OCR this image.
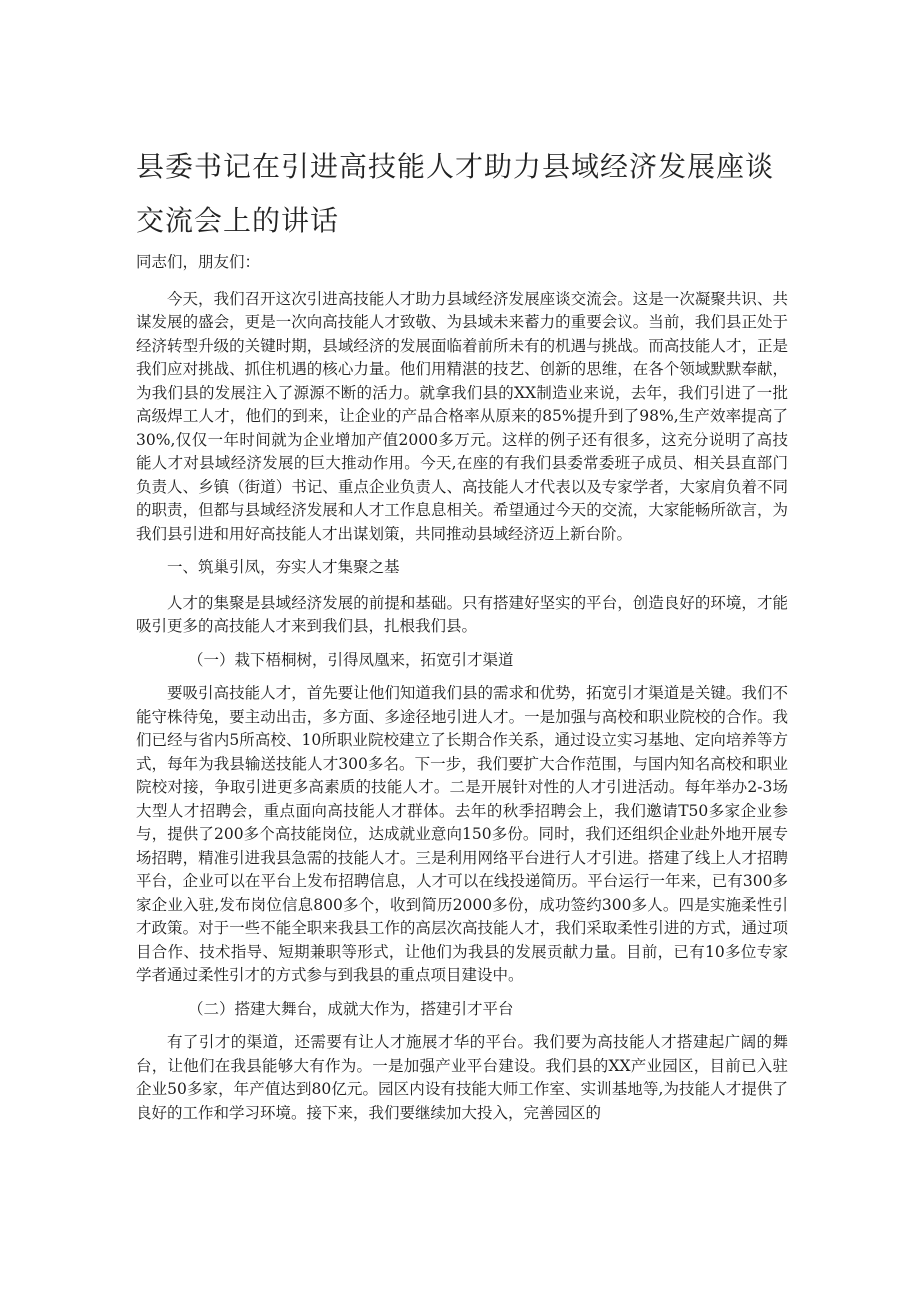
县委书记在引进高技能人才助力县域经济发展座谈交流会上的讲话

同志们，朋友们：

今天，我们召开这次引进高技能人才助力县域经济发展座谈交流会。这是一次凝聚共识、共谋发展的盛会，更是一次向高技能人才致敬、为县域未来蓄力的重要会议。当前，我们县正处于经济转型升级的关键时期，县域经济的发展面临着前所未有的机遇与挑战。而高技能人才，正是我们应对挑战、抓住机遇的核心力量。他们用精湛的技艺、创新的思维，在各个领域默默奉献，为我们县的发展注入了源源不断的活力。就拿我们县的XX制造业来说，去年，我们引进了一批高级焊工人才，他们的到来，让企业的产品合格率从原来的85%提升到了98%,生产效率提高了30%,仅仅一年时间就为企业增加产值2000多万元。这样的例子还有很多，这充分说明了高技能人才对县域经济发展的巨大推动作用。今天,在座的有我们县委常委班子成员、相关县直部门负责人、乡镇（街道）书记、重点企业负责人、高技能人才代表以及专家学者，大家肩负着不同的职责，但都与县域经济发展和人才工作息息相关。希望通过今天的交流，大家能畅所欲言，为我们县引进和用好高技能人才出谋划策，共同推动县域经济迈上新台阶。

一、筑巢引凤，夯实人才集聚之基

人才的集聚是县域经济发展的前提和基础。只有搭建好坚实的平台，创造良好的环境，才能吸引更多的高技能人才来到我们县，扎根我们县。

（一）栽下梧桐树，引得凤凰来，拓宽引才渠道

要吸引高技能人才，首先要让他们知道我们县的需求和优势，拓宽引才渠道是关键。我们不能守株待兔，要主动出击，多方面、多途径地引进人才。一是加强与高校和职业院校的合作。我们已经与省内5所高校、10所职业院校建立了长期合作关系，通过设立实习基地、定向培养等方式，每年为我县输送技能人才300多名。下一步，我们要扩大合作范围，与国内知名高校和职业院校对接，争取引进更多高素质的技能人才。二是开展针对性的人才引进活动。每年举办2-3场大型人才招聘会，重点面向高技能人才群体。去年的秋季招聘会上，我们邀请T50多家企业参与，提供了200多个高技能岗位，达成就业意向150多份。同时，我们还组织企业赴外地开展专场招聘，精准引进我县急需的技能人才。三是利用网络平台进行人才引进。搭建了线上人才招聘平台，企业可以在平台上发布招聘信息，人才可以在线投递简历。平台运行一年来，已有300多家企业入驻,发布岗位信息800多个，收到简历2000多份，成功签约300多人。四是实施柔性引才政策。对于一些不能全职来我县工作的高层次高技能人才，我们采取柔性引进的方式，通过项目合作、技术指导、短期兼职等形式，让他们为我县的发展贡献力量。目前，已有10多位专家学者通过柔性引才的方式参与到我县的重点项目建设中。

（二）搭建大舞台，成就大作为，搭建引才平台

有了引才的渠道，还需要有让人才施展才华的平台。我们要为高技能人才搭建起广阔的舞台，让他们在我县能够大有作为。一是加强产业平台建设。我们县的XX产业园区，目前已入驻企业50多家，年产值达到80亿元。园区内设有技能大师工作室、实训基地等,为技能人才提供了良好的工作和学习环境。接下来，我们要继续加大投入，完善园区的
